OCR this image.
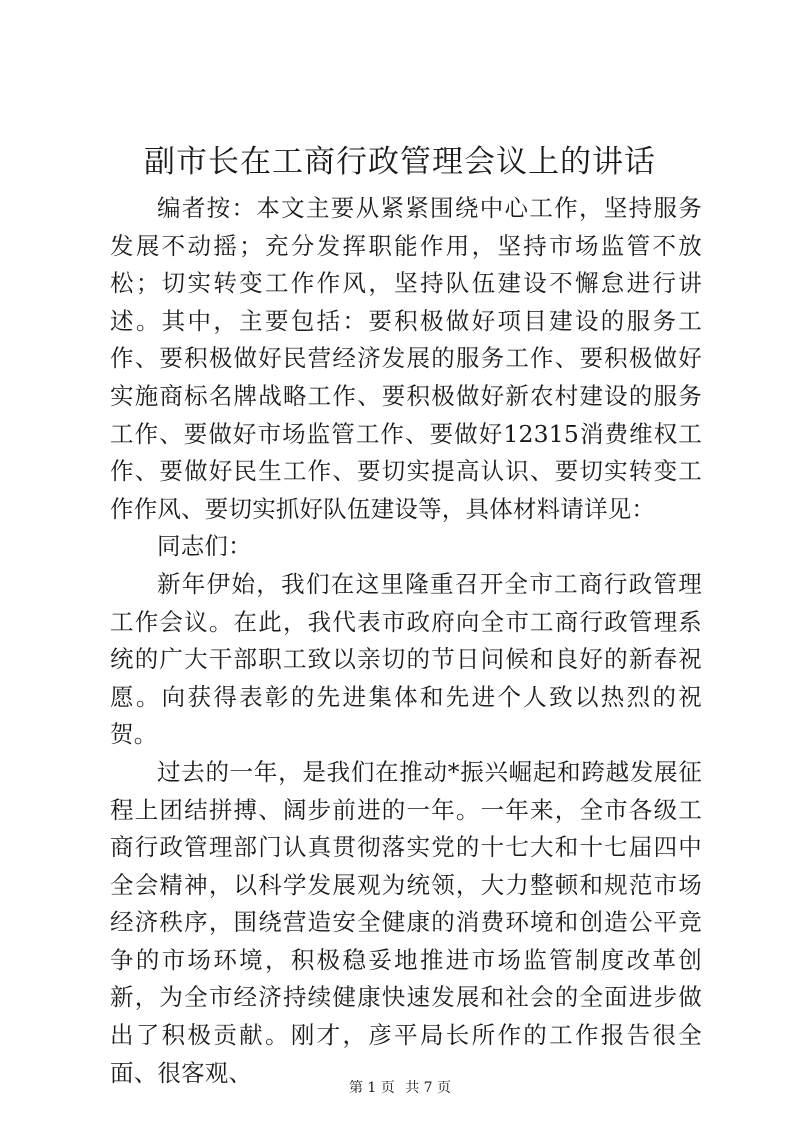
副市长在工商行政管理会议上的讲话

编者按：本文主要从紧紧围绕中心工作，坚持服务发展不动摇；充分发挥职能作用，坚持市场监管不放松；切实转变工作作风，坚持队伍建设不懈怠进行讲述。其中，主要包括：要积极做好项目建设的服务工作、要积极做好民营经济发展的服务工作、要积极做好实施商标名牌战略工作、要积极做好新农村建设的服务工作、要做好市场监管工作、要做好12315消费维权工作、要做好民生工作、要切实提高认识、要切实转变工作作风、要切实抓好队伍建设等，具体材料请详见：

同志们：

新年伊始，我们在这里隆重召开全市工商行政管理工作会议。在此，我代表市政府向全市工商行政管理系统的广大干部职工致以亲切的节日问候和良好的新春祝愿。向获得表彰的先进集体和先进个人致以热烈的祝贺。

过去的一年，是我们在推动*振兴崛起和跨越发展征程上团结拼搏、阔步前进的一年。一年来，全市各级工商行政管理部门认真贯彻落实党的十七大和十七届四中全会精神，以科学发展观为统领，大力整顿和规范市场经济秩序，围绕营造安全健康的消费环境和创造公平竞争的市场环境，积极稳妥地推进市场监管制度改革创新，为全市经济持续健康快速发展和社会的全面进步做出了积极贡献。刚才，彦平局长所作的工作报告很全面、很客观、

第 1 页 共 7 页
